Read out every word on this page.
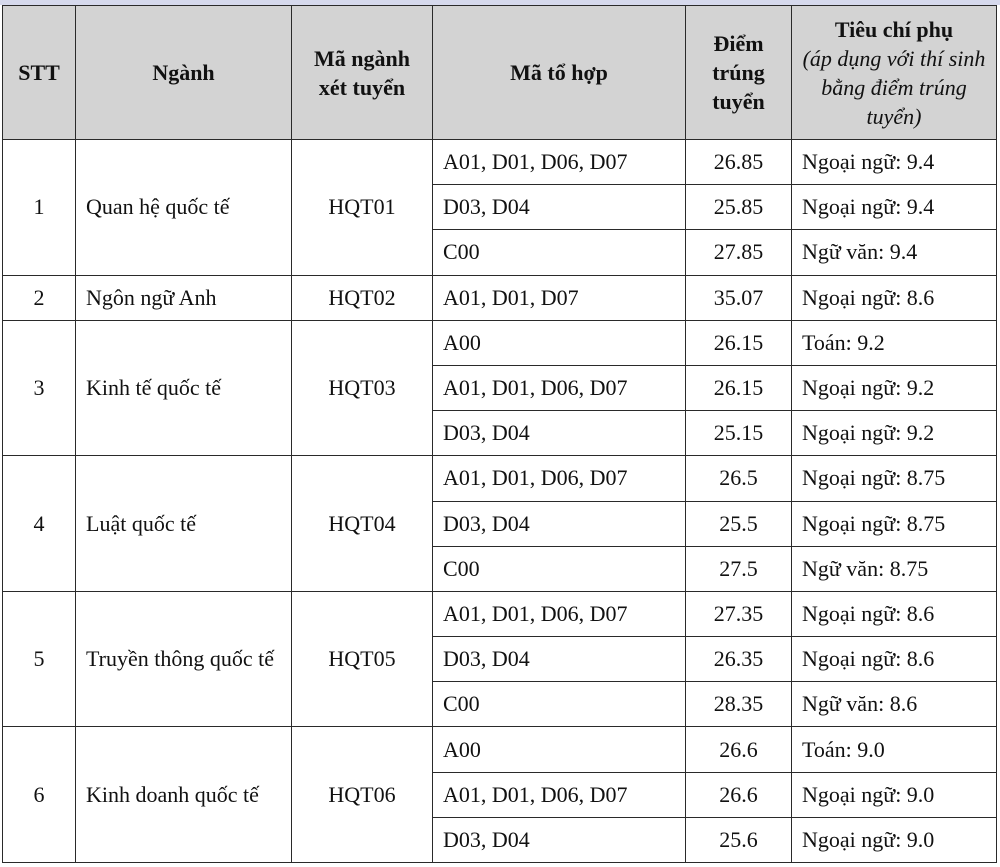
STT	Ngành	Mã ngành xét tuyển	Mã tổ hợp	Điểm trúng tuyển	Tiêu chí phụ
(áp dụng với thí sinh bằng điểm trúng tuyển)

1	Quan hệ quốc tế	HQT01	A01, D01, D06, D07	26.85	Ngoại ngữ: 9.4
			D03, D04	25.85	Ngoại ngữ: 9.4
			C00	27.85	Ngữ văn: 9.4
2	Ngôn ngữ Anh	HQT02	A01, D01, D07	35.07	Ngoại ngữ: 8.6
3	Kinh tế quốc tế	HQT03	A00	26.15	Toán: 9.2
			A01, D01, D06, D07	26.15	Ngoại ngữ: 9.2
			D03, D04	25.15	Ngoại ngữ: 9.2
4	Luật quốc tế	HQT04	A01, D01, D06, D07	26.5	Ngoại ngữ: 8.75
			D03, D04	25.5	Ngoại ngữ: 8.75
			C00	27.5	Ngữ văn: 8.75
5	Truyền thông quốc tế	HQT05	A01, D01, D06, D07	27.35	Ngoại ngữ: 8.6
			D03, D04	26.35	Ngoại ngữ: 8.6
			C00	28.35	Ngữ văn: 8.6
6	Kinh doanh quốc tế	HQT06	A00	26.6	Toán: 9.0
			A01, D01, D06, D07	26.6	Ngoại ngữ: 9.0
			D03, D04	25.6	Ngoại ngữ: 9.0
